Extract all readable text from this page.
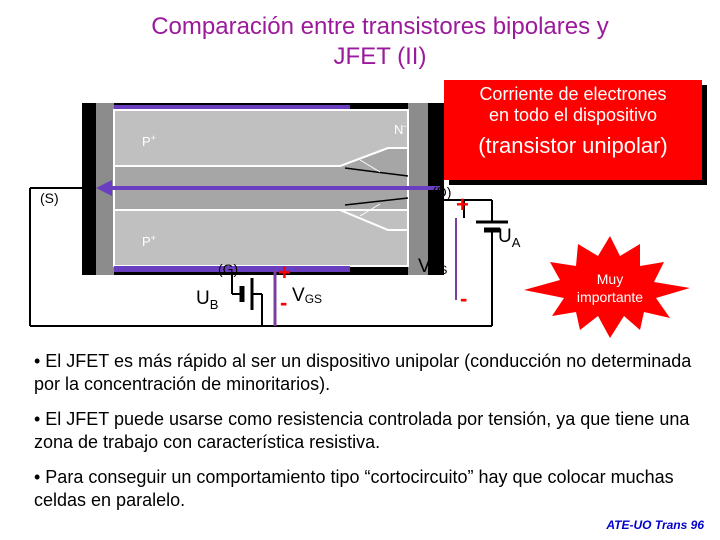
Comparación entre transistores bipolares y
JFET (II)
P+
N-
P+
(S)	(D)
(G)
$U_B$
$U_A$
VGS
VDS
+
-
+
-
Muy
importante
Corriente de electrones
en todo el dispositivo
(transistor unipolar)

• El JFET es más rápido al ser un dispositivo unipolar (conducción no determinada por la concentración de minoritarios).

• El JFET puede usarse como resistencia controlada por tensión, ya que tiene una zona de trabajo con característica resistiva.

• Para conseguir un comportamiento tipo “cortocircuito” hay que colocar muchas celdas en paralelo.

ATE-UO Trans 96
